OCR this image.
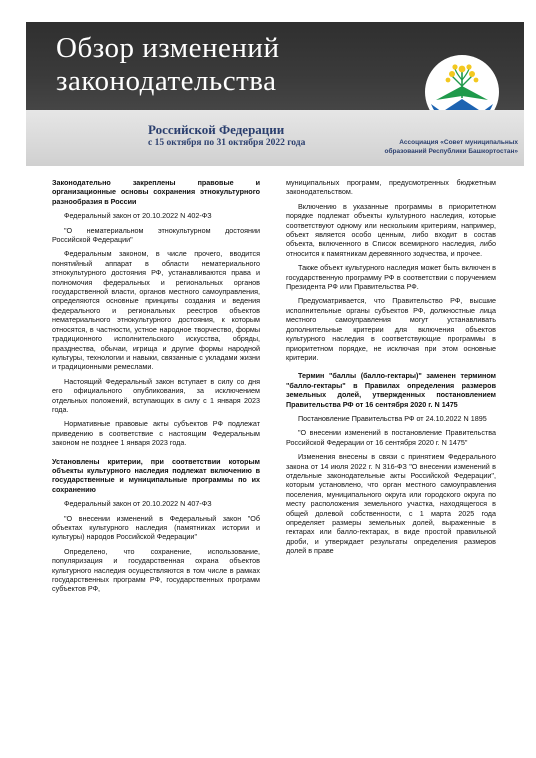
Обзор изменений
законодательства
Российской Федерации
с 15 октября по 31 октября 2022 года	Ассоциация «Совет муниципальных
образований Республики Башкортостан»

Законодательно закреплены правовые и организационные основы сохранения этнокультурного разнообразия в России

Федеральный закон от 20.10.2022 N 402-ФЗ

"О нематериальном этнокультурном достоянии Российской Федерации"

Федеральным законом, в числе прочего, вводится понятийный аппарат в области нематериального этнокультурного достояния РФ, устанавливаются права и полномочия федеральных и региональных органов государственной власти, органов местного самоуправления, определяются основные принципы создания и ведения федерального и региональных реестров объектов нематериального этнокультурного достояния, к которым относятся, в частности, устное народное творчество, формы традиционного исполнительского искусства, обряды, празднества, обычаи, игрища и другие формы народной культуры, технологии и навыки, связанные с укладами жизни и традиционными ремеслами.

Настоящий Федеральный закон вступает в силу со дня его официального опубликования, за исключением отдельных положений, вступающих в силу с 1 января 2023 года.

Нормативные правовые акты субъектов РФ подлежат приведению в соответствие с настоящим Федеральным законом не позднее 1 января 2023 года.

Установлены критерии, при соответствии которым объекты культурного наследия подлежат включению в государственные и муниципальные программы по их сохранению

Федеральный закон от 20.10.2022 N 407-ФЗ

"О внесении изменений в Федеральный закон "Об объектах культурного наследия (памятниках истории и культуры) народов Российской Федерации"

Определено, что сохранение, использование, популяризация и государственная охрана объектов культурного наследия осуществляются в том числе в рамках государственных программ РФ, государственных программ субъектов РФ,

муниципальных программ, предусмотренных бюджетным законодательством.

Включению в указанные программы в приоритетном порядке подлежат объекты культурного наследия, которые соответствуют одному или нескольким критериям, например, объект является особо ценным, либо входит в состав объекта, включенного в Список всемирного наследия, либо относится к памятникам деревянного зодчества, и прочее.

Также объект культурного наследия может быть включен в государственную программу РФ в соответствии с поручением Президента РФ или Правительства РФ.

Предусматривается, что Правительство РФ, высшие исполнительные органы субъектов РФ, должностные лица местного самоуправления могут устанавливать дополнительные критерии для включения объектов культурного наследия в соответствующие программы в приоритетном порядке, не исключая при этом основные критерии.

Термин "баллы (балло-гектары)" заменен термином "балло-гектары" в Правилах определения размеров земельных долей, утвержденных постановлением Правительства РФ от 16 сентября 2020 г. N 1475

Постановление Правительства РФ от 24.10.2022 N 1895

"О внесении изменений в постановление Правительства Российской Федерации от 16 сентября 2020 г. N 1475"

Изменения внесены в связи с принятием Федерального закона от 14 июля 2022 г. N 316-ФЗ "О внесении изменений в отдельные законодательные акты Российской Федерации", которым установлено, что орган местного самоуправления поселения, муниципального округа или городского округа по месту расположения земельного участка, находящегося в общей долевой собственности, с 1 марта 2025 года определяет размеры земельных долей, выраженные в гектарах или балло-гектарах, в виде простой правильной дроби, и утверждает результаты определения размеров долей в праве
